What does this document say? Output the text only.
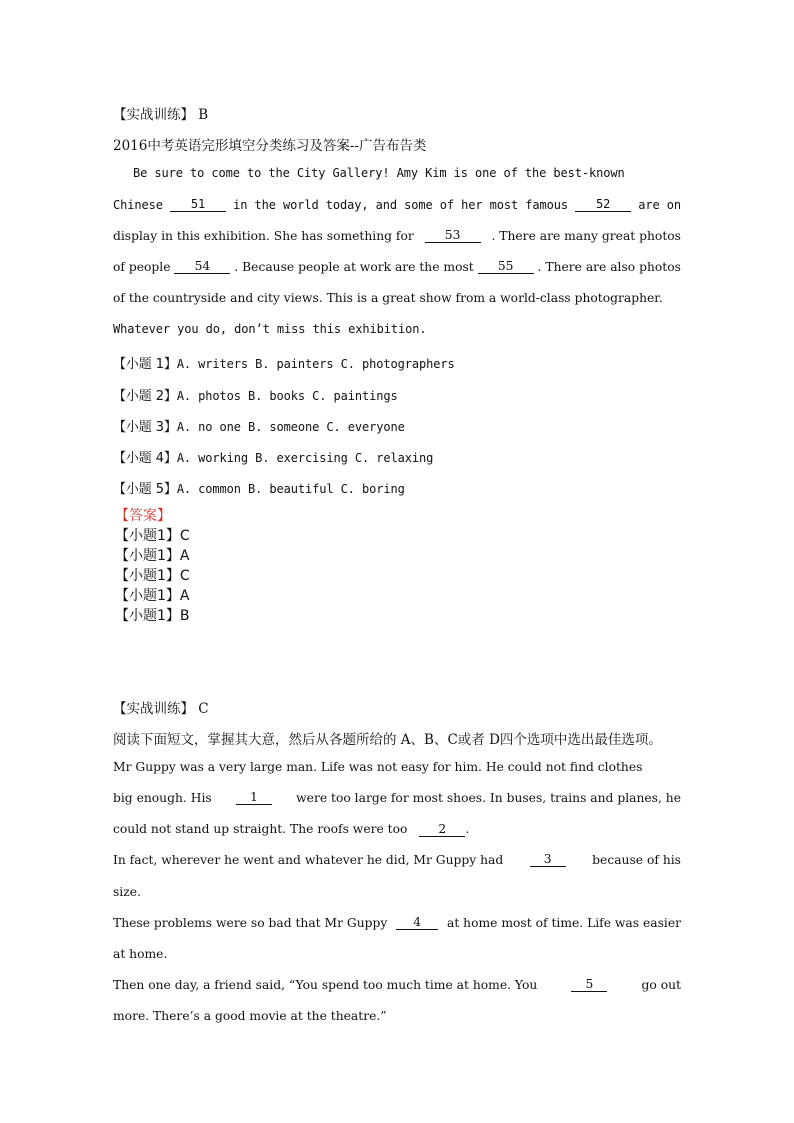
【实战训练】 B
2016中考英语完形填空分类练习及答案--广告布告类
Be sure to come to the City Gallery! Amy Kim is one of the best-known
Chinese	51	in the world today, and some of her most famous	52	are on
display in this exhibition. She has something for	53	. There are many great photos
of people	54	. Because people at work are the most	55	. There are also photos
of the countryside and city views. This is a great show from a world-class photographer.
Whatever you do, don’t miss this exhibition.
【小题 1】A. writers B. painters C. photographers
【小题 2】A. photos B. books C. paintings
【小题 3】A. no one B. someone C. everyone
【小题 4】A. working B. exercising C. relaxing
【小题 5】A. common B. beautiful C. boring
【答案】
【小题1】C
【小题1】A
【小题1】C
【小题1】A
【小题1】B
【实战训练】 C
阅读下面短文，掌握其大意，然后从各题所给的 A、B、C或者 D四个选项中选出最佳选项。
Mr Guppy was a very large man. Life was not easy for him. He could not find clothes
big enough. His	1	were too large for most shoes. In buses, trains and planes, he
could not stand up straight. The roofs were too	2 .
In fact, wherever he went and whatever he did, Mr Guppy had	3	because of his
size.
These problems were so bad that Mr Guppy	4	at home most of time. Life was easier
at home.
Then one day, a friend said, “You spend too much time at home. You	5	go out
more. There’s a good movie at the theatre.”
